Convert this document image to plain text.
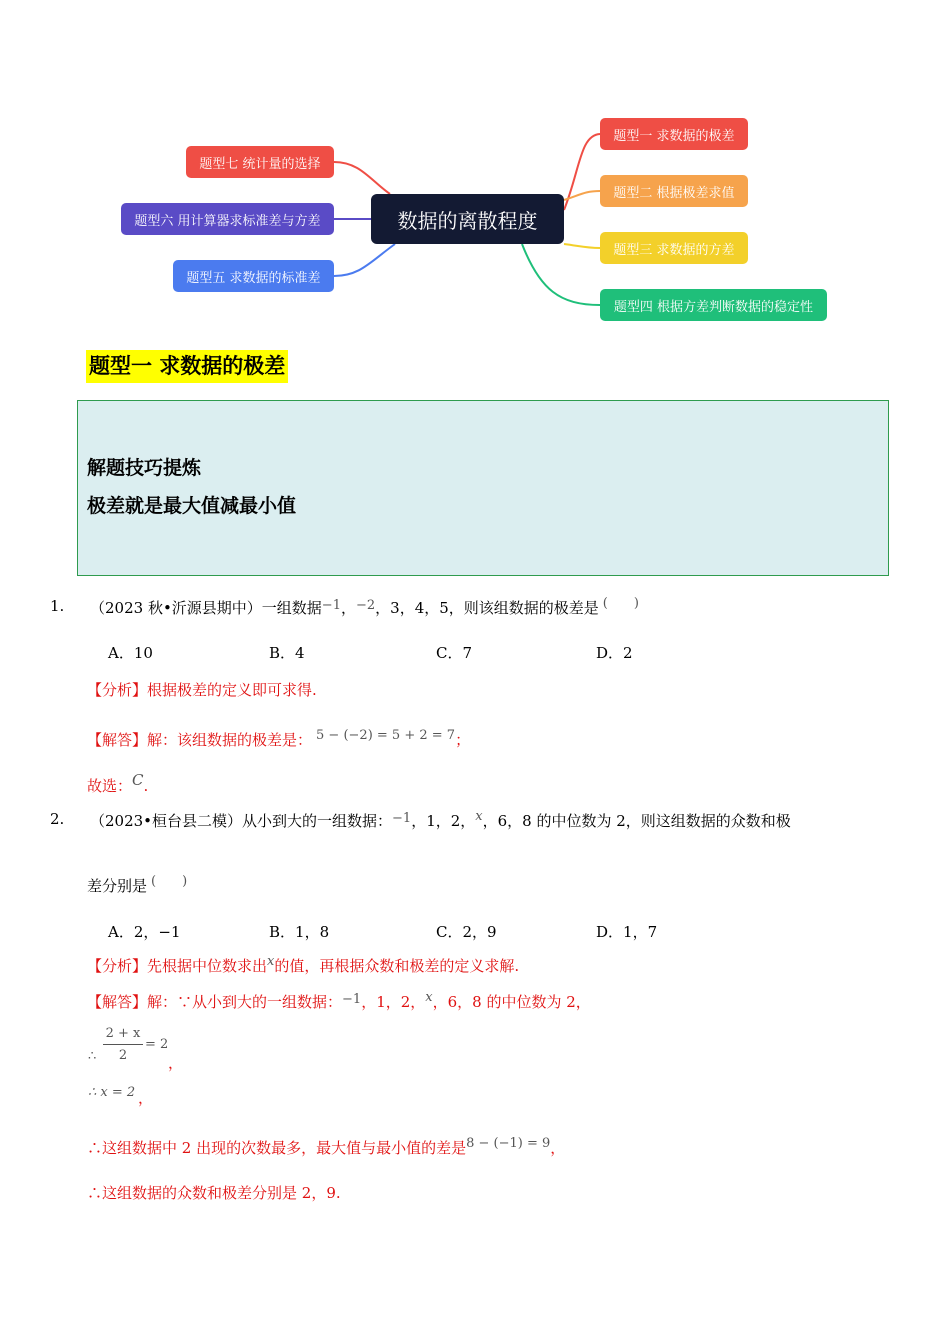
数据的离散程度
题型一 求数据的极差
题型二 根据极差求值
题型三 求数据的方差
题型四 根据方差判断数据的稳定性
题型五 求数据的标准差
题型六 用计算器求标准差与方差
题型七 统计量的选择
题型一 求数据的极差
解题技巧提炼
极差就是最大值减最小值
1. （2023 秋•沂源县期中）一组数据−1，−2，3，4，5，则该组数据的极差是 (　　)
A．10	B．4	C．7	D．2
【分析】根据极差的定义即可求得.
【解答】解：该组数据的极差是： 5 − (−2) = 5 + 2 = 7；
故选：C.
2. （2023•桓台县二模）从小到大的一组数据：−1，1，2，x，6，8 的中位数为 2，则这组数据的众数和极
差分别是 (　　)
A．2，−1	B．1，8	C．2，9	D．1，7
【分析】先根据中位数求出x的值，再根据众数和极差的定义求解.
【解答】解：∵从小到大的一组数据：−1，1，2，x，6，8 的中位数为 2，
∴
2 + x
2
= 2
，
∴ x = 2 ，
∴这组数据中 2 出现的次数最多，最大值与最小值的差是8 − (−1) = 9，
∴这组数据的众数和极差分别是 2，9.
